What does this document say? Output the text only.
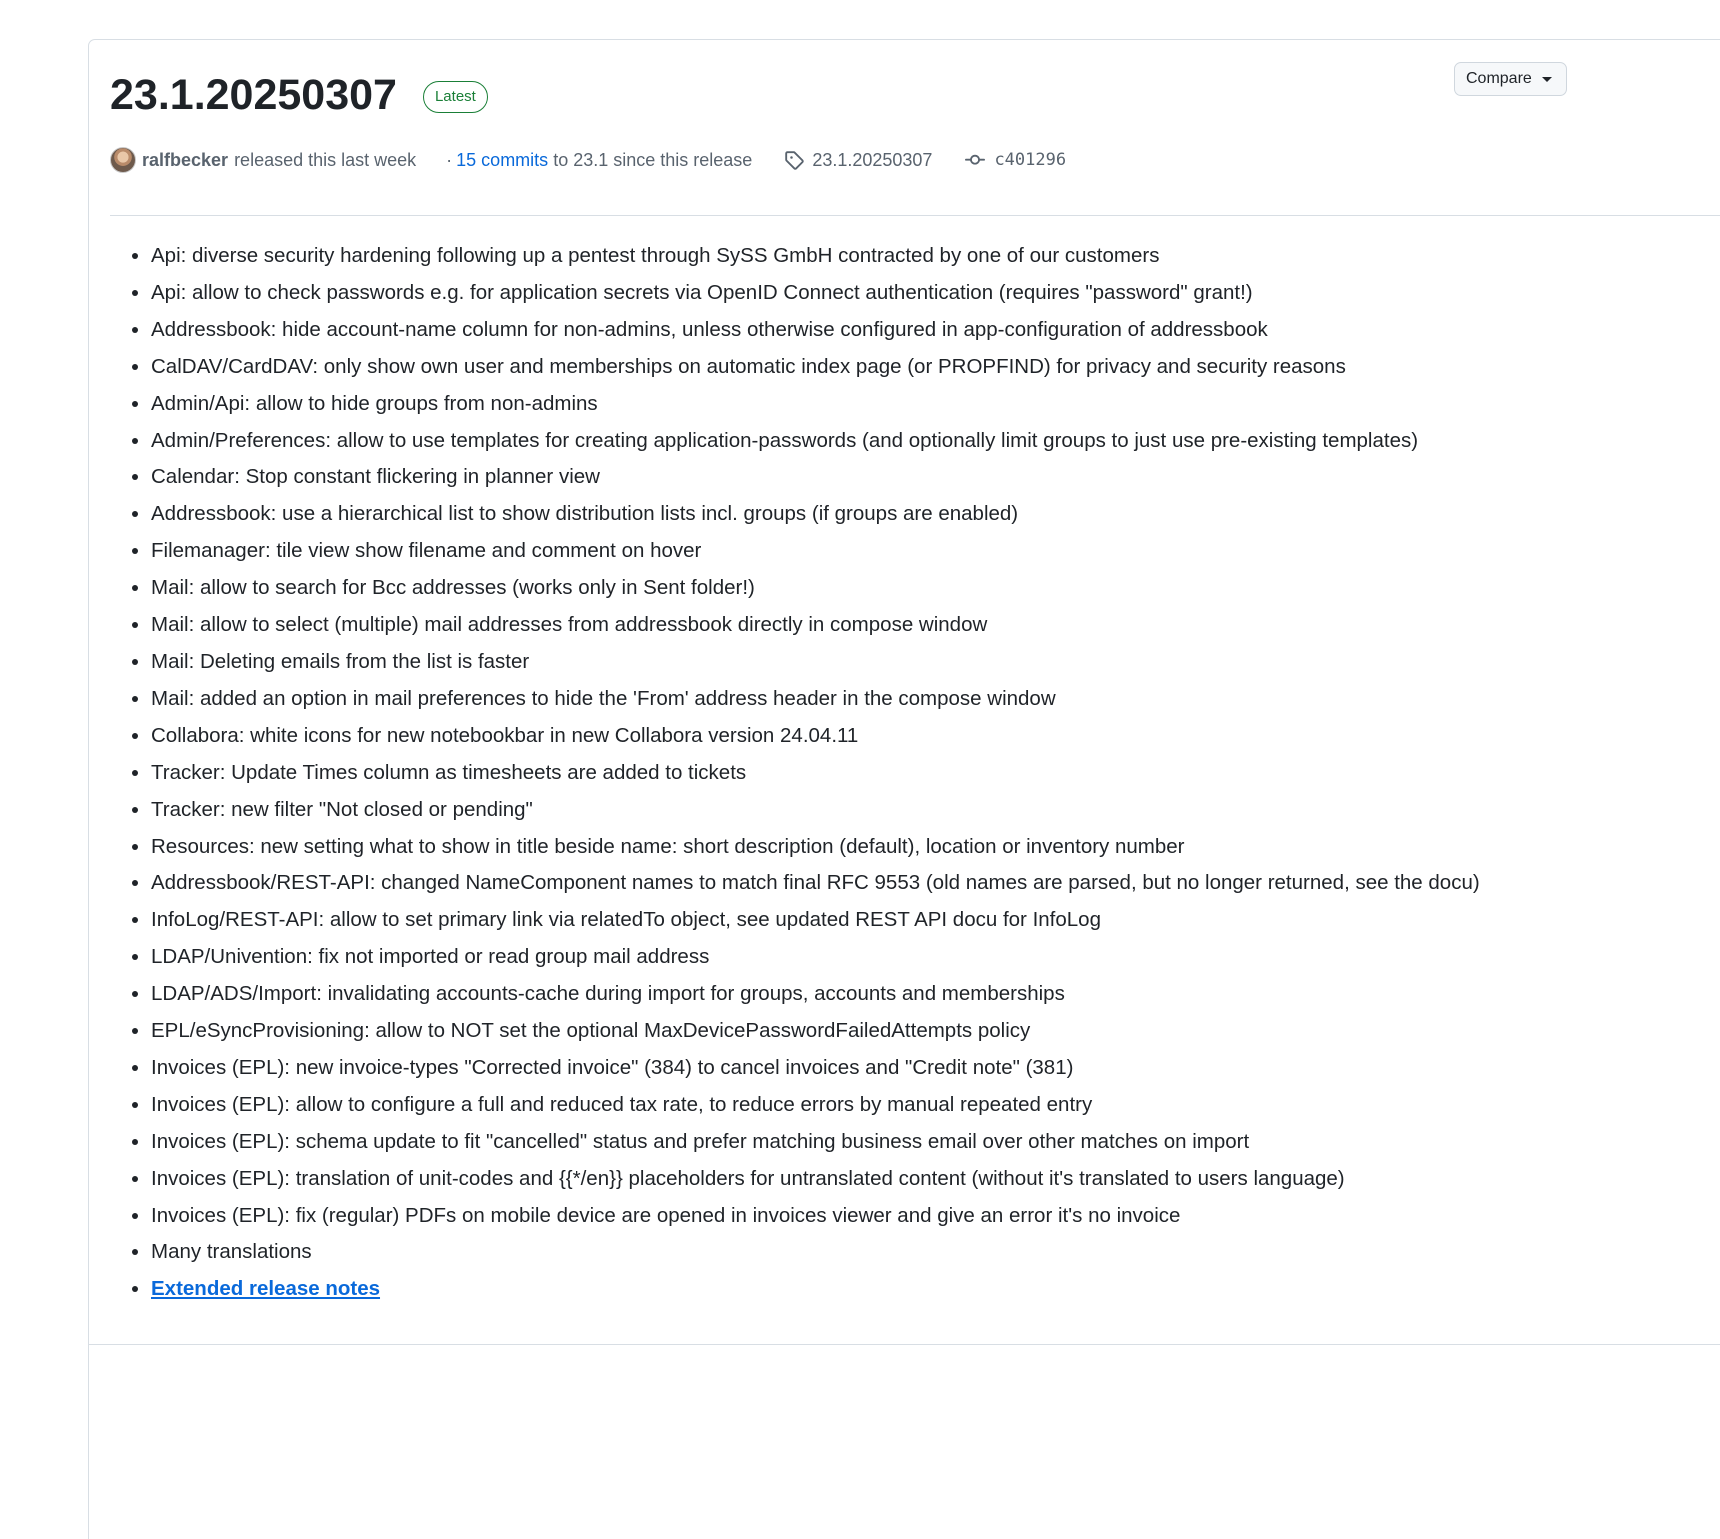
23.1.20250307	Latest
Compare
ralfbecker released this last week · 15 commits to 23.1 since this release	23.1.20250307	c401296
• Api: diverse security hardening following up a pentest through SySS GmbH contracted by one of our customers
• Api: allow to check passwords e.g. for application secrets via OpenID Connect authentication (requires "password" grant!)
• Addressbook: hide account-name column for non-admins, unless otherwise configured in app-configuration of addressbook
• CalDAV/CardDAV: only show own user and memberships on automatic index page (or PROPFIND) for privacy and security reasons
• Admin/Api: allow to hide groups from non-admins
• Admin/Preferences: allow to use templates for creating application-passwords (and optionally limit groups to just use pre-existing templates)
• Calendar: Stop constant flickering in planner view
• Addressbook: use a hierarchical list to show distribution lists incl. groups (if groups are enabled)
• Filemanager: tile view show filename and comment on hover
• Mail: allow to search for Bcc addresses (works only in Sent folder!)
• Mail: allow to select (multiple) mail addresses from addressbook directly in compose window
• Mail: Deleting emails from the list is faster
• Mail: added an option in mail preferences to hide the 'From' address header in the compose window
• Collabora: white icons for new notebookbar in new Collabora version 24.04.11
• Tracker: Update Times column as timesheets are added to tickets
• Tracker: new filter "Not closed or pending"
• Resources: new setting what to show in title beside name: short description (default), location or inventory number
• Addressbook/REST-API: changed NameComponent names to match final RFC 9553 (old names are parsed, but no longer returned, see the docu)
• InfoLog/REST-API: allow to set primary link via relatedTo object, see updated REST API docu for InfoLog
• LDAP/Univention: fix not imported or read group mail address
• LDAP/ADS/Import: invalidating accounts-cache during import for groups, accounts and memberships
• EPL/eSyncProvisioning: allow to NOT set the optional MaxDevicePasswordFailedAttempts policy
• Invoices (EPL): new invoice-types "Corrected invoice" (384) to cancel invoices and "Credit note" (381)
• Invoices (EPL): allow to configure a full and reduced tax rate, to reduce errors by manual repeated entry
• Invoices (EPL): schema update to fit "cancelled" status and prefer matching business email over other matches on import
• Invoices (EPL): translation of unit-codes and {{*/en}} placeholders for untranslated content (without it's translated to users language)
• Invoices (EPL): fix (regular) PDFs on mobile device are opened in invoices viewer and give an error it's no invoice
• Many translations
• Extended release notes
